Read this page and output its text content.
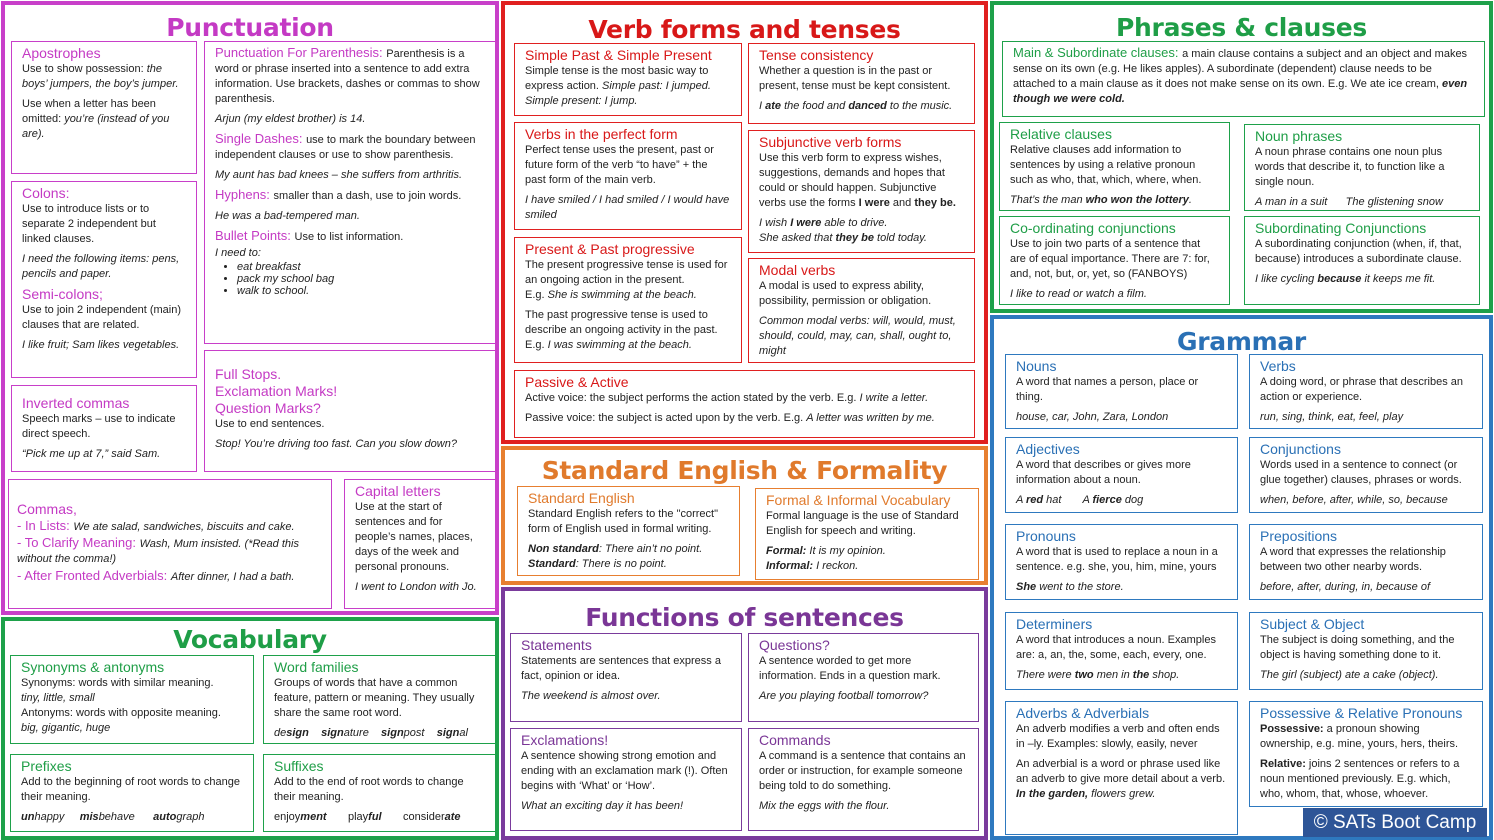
Punctuation
Apostrophes
Use to show possession: the boys’ jumpers, the boy’s jumper.
Use when a letter has been omitted: you’re (instead of you are).
Punctuation For Parenthesis: Parenthesis is a word or phrase inserted into a sentence to add extra information. Use brackets, dashes or commas to show parenthesis.
Arjun (my eldest brother) is 14.
Single Dashes: use to mark the boundary between independent clauses or use to show parenthesis.
My aunt has bad knees – she suffers from arthritis.
Hyphens: smaller than a dash, use to join words.
He was a bad-tempered man.
Bullet Points: Use to list information.
I need to:
• eat breakfast
• pack my school bag
• walk to school.
Colons:
Use to introduce lists or to separate 2 independent but linked clauses.
I need the following items: pens, pencils and paper.
Semi-colons;
Use to join 2 independent (main) clauses that are related.
I like fruit; Sam likes vegetables.
Full Stops.
Exclamation Marks!
Question Marks?
Use to end sentences.
Stop! You’re driving too fast. Can you slow down?
Inverted commas
Speech marks – use to indicate direct speech.
“Pick me up at 7,” said Sam.
Commas,
- In Lists: We ate salad, sandwiches, biscuits and cake.
- To Clarify Meaning: Wash, Mum insisted. (*Read this without the comma!)
- After Fronted Adverbials: After dinner, I had a bath.
Capital letters
Use at the start of sentences and for people’s names, places, days of the week and personal pronouns.
I went to London with Jo.
Verb forms and tenses
Simple Past & Simple Present
Simple tense is the most basic way to express action. Simple past: I jumped.
Simple present: I jump.
Tense consistency
Whether a question is in the past or present, tense must be kept consistent.
I ate the food and danced to the music.
Verbs in the perfect form
Perfect tense uses the present, past or future form of the verb “to have” + the past form of the main verb.
I have smiled / I had smiled / I would have smiled
Subjunctive verb forms
Use this verb form to express wishes, suggestions, demands and hopes that could or should happen. Subjunctive verbs use the forms I were and they be.
I wish I were able to drive.
She asked that they be told today.
Present & Past progressive
The present progressive tense is used for an ongoing action in the present.
E.g. She is swimming at the beach.
The past progressive tense is used to describe an ongoing activity in the past.
E.g. I was swimming at the beach.
Modal verbs
A modal is used to express ability, possibility, permission or obligation.
Common modal verbs: will, would, must, should, could, may, can, shall, ought to, might
Passive & Active
Active voice: the subject performs the action stated by the verb. E.g. I write a letter.
Passive voice: the subject is acted upon by the verb. E.g. A letter was written by me.
Phrases & clauses
Main & Subordinate clauses: a main clause contains a subject and an object and makes sense on its own (e.g. He likes apples). A subordinate (dependent) clause needs to be attached to a main clause as it does not make sense on its own. E.g. We ate ice cream, even though we were cold.
Relative clauses
Relative clauses add information to sentences by using a relative pronoun such as who, that, which, where, when.
That’s the man who won the lottery.
Noun phrases
A noun phrase contains one noun plus words that describe it, to function like a single noun.
A man in a suit      The glistening snow
Co-ordinating conjunctions
Use to join two parts of a sentence that are of equal importance. There are 7: for, and, not, but, or, yet, so (FANBOYS)
I like to read or watch a film.
Subordinating Conjunctions
A subordinating conjunction (when, if, that, because) introduces a subordinate clause.
I like cycling because it keeps me fit.
Grammar
Nouns
A word that names a person, place or thing.
house, car, John, Zara, London
Verbs
A doing word, or phrase that describes an action or experience.
run, sing, think, eat, feel, play
Adjectives
A word that describes or gives more information about a noun.
A red hat       A fierce dog
Conjunctions
Words used in a sentence to connect (or glue together) clauses, phrases or words.
when, before, after, while, so, because
Pronouns
A word that is used to replace a noun in a sentence. e.g. she, you, him, mine, yours
She went to the store.
Prepositions
A word that expresses the relationship between two other nearby words.
before, after, during, in, because of
Determiners
A word that introduces a noun. Examples are: a, an, the, some, each, every, one.
There were two men in the shop.
Subject & Object
The subject is doing something, and the object is having something done to it.
The girl (subject) ate a cake (object).
Adverbs & Adverbials
An adverb modifies a verb and often ends in –ly. Examples: slowly, easily, never
An adverbial is a word or phrase used like an adverb to give more detail about a verb. In the garden, flowers grew.
Possessive & Relative Pronouns
Possessive: a pronoun showing ownership, e.g. mine, yours, hers, theirs.
Relative: joins 2 sentences or refers to a noun mentioned previously. E.g. which, who, whom, that, whose, whoever.
Standard English & Formality
Standard English
Standard English refers to the "correct" form of English used in formal writing.
Non standard: There ain’t no point.
Standard: There is no point.
Formal & Informal Vocabulary
Formal language is the use of Standard English for speech and writing.
Formal: It is my opinion.
Informal: I reckon.
Functions of sentences
Statements
Statements are sentences that express a fact, opinion or idea.
The weekend is almost over.
Questions?
A sentence worded to get more information. Ends in a question mark.
Are you playing football tomorrow?
Exclamations!
A sentence showing strong emotion and ending with an exclamation mark (!). Often begins with ‘What’ or ‘How’.
What an exciting day it has been!
Commands
A command is a sentence that contains an order or instruction, for example someone being told to do something.
Mix the eggs with the flour.
Vocabulary
Synonyms & antonyms
Synonyms: words with similar meaning.
tiny, little, small
Antonyms: words with opposite meaning.
big, gigantic, huge
Word families
Groups of words that have a common feature, pattern or meaning. They usually share the same root word.
design signature signpost signal
Prefixes
Add to the beginning of root words to change their meaning.
unhappy misbehave autograph
Suffixes
Add to the end of root words to change their meaning.
enjoyment playful considerate	© SATs Boot Camp
